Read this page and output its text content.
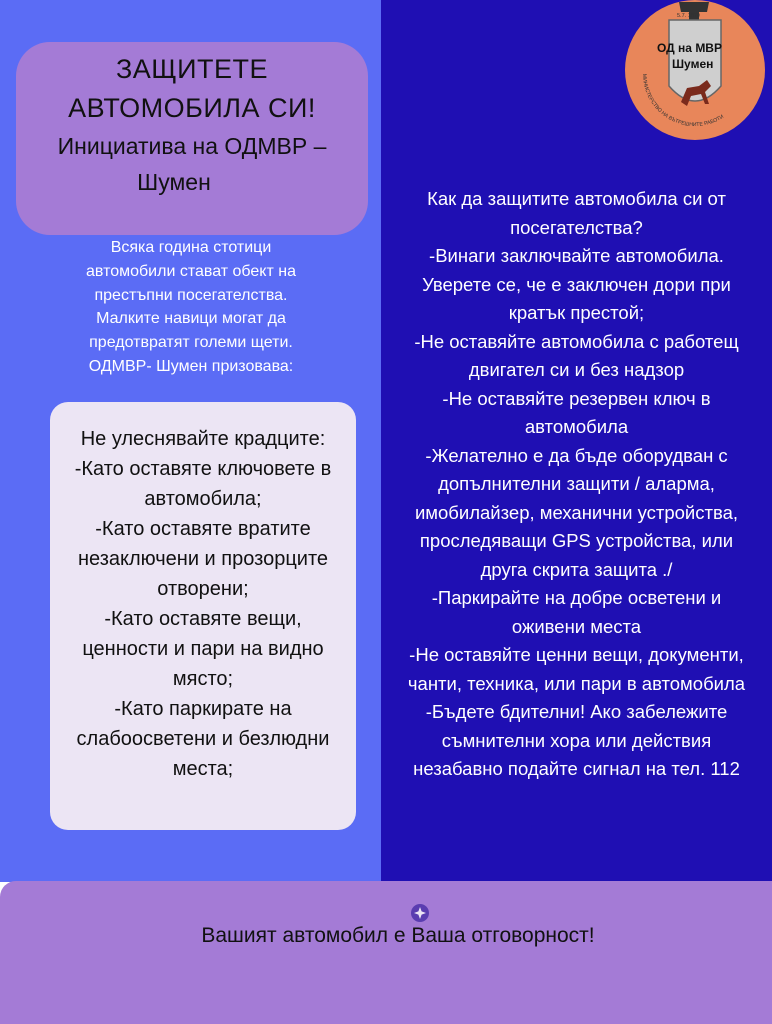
ЗАЩИТЕТЕ
АВТОМОБИЛА СИ!
Инициатива на ОДМВР –
Шумен
Всяка година стотици
автомобили стават обект на
престъпни посегателства.
Малките навици могат да
предотвратят големи щети.
ОДМВР- Шумен призовава:
Не улеснявайте крадците:
-Като оставяте ключовете в
автомобила;
-Като оставяте вратите
незаключени и прозорците
отворени;
-Като оставяте вещи,
ценности и пари на видно
място;
-Като паркирате на
слабоосветени и безлюдни
места;
Как да защитите автомобила си от
посегателства?
-Винаги заключвайте автомобила.
Уверете се, че е заключен дори при
кратък престой;
-Не оставяйте автомобила с работещ
двигател си и без надзор
-Не оставяйте резервен ключ в
автомобила
-Желателно е да бъде оборудван с
допълнителни защити / аларма,
имобилайзер, механични устройства,
проследяващи GPS устройства, или
друга скрита защита ./
-Паркирайте на добре осветени и
оживени места
-Не оставяйте ценни вещи, документи,
чанти, техника, или пари в автомобила
-Бъдете бдителни! Ако забележите
съмнителни хора или действия
незабавно подайте сигнал на тел. 112
5.7. 1879
ОД на МВР
Шумен
МИНИСТЕРСТВО НА ВЪТРЕШНИТЕ РАБОТИ
Вашият автомобил е Ваша отговорност!
